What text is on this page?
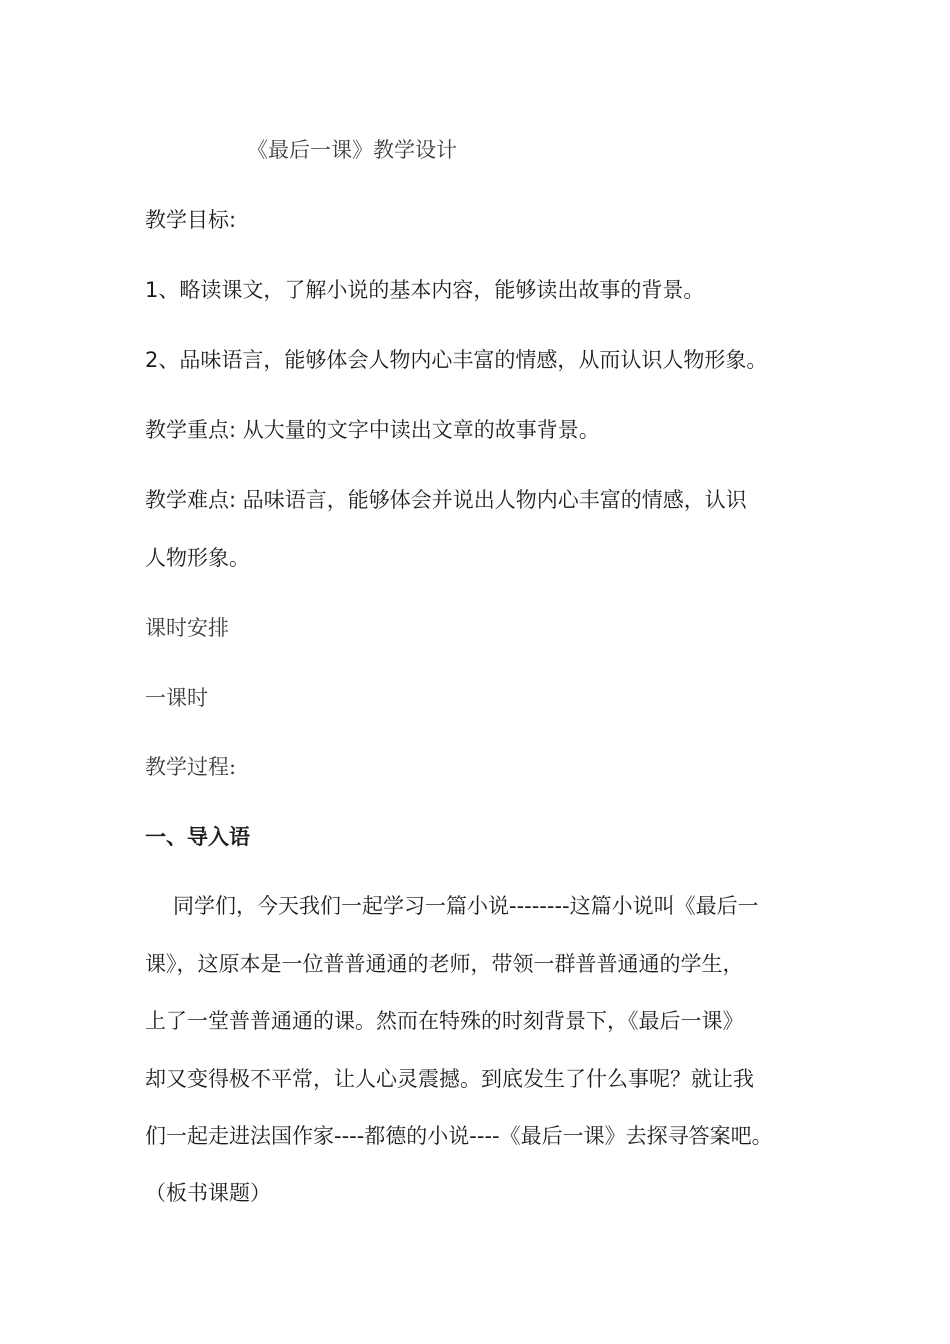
《最后一课》教学设计
教学目标:
1、略读课文，了解小说的基本内容，能够读出故事的背景。
2、品味语言，能够体会人物内心丰富的情感，从而认识人物形象。
教学重点: 从大量的文字中读出文章的故事背景。
教学难点: 品味语言，能够体会并说出人物内心丰富的情感，认识
人物形象。
课时安排
一课时
教学过程:
一、导入语
同学们，今天我们一起学习一篇小说--------这篇小说叫《最后一
课》，这原本是一位普普通通的老师，带领一群普普通通的学生，
上了一堂普普通通的课。然而在特殊的时刻背景下，《最后一课》
却又变得极不平常，让人心灵震撼。到底发生了什么事呢？就让我
们一起走进法国作家----都德的小说----《最后一课》去探寻答案吧。
（板书课题）
